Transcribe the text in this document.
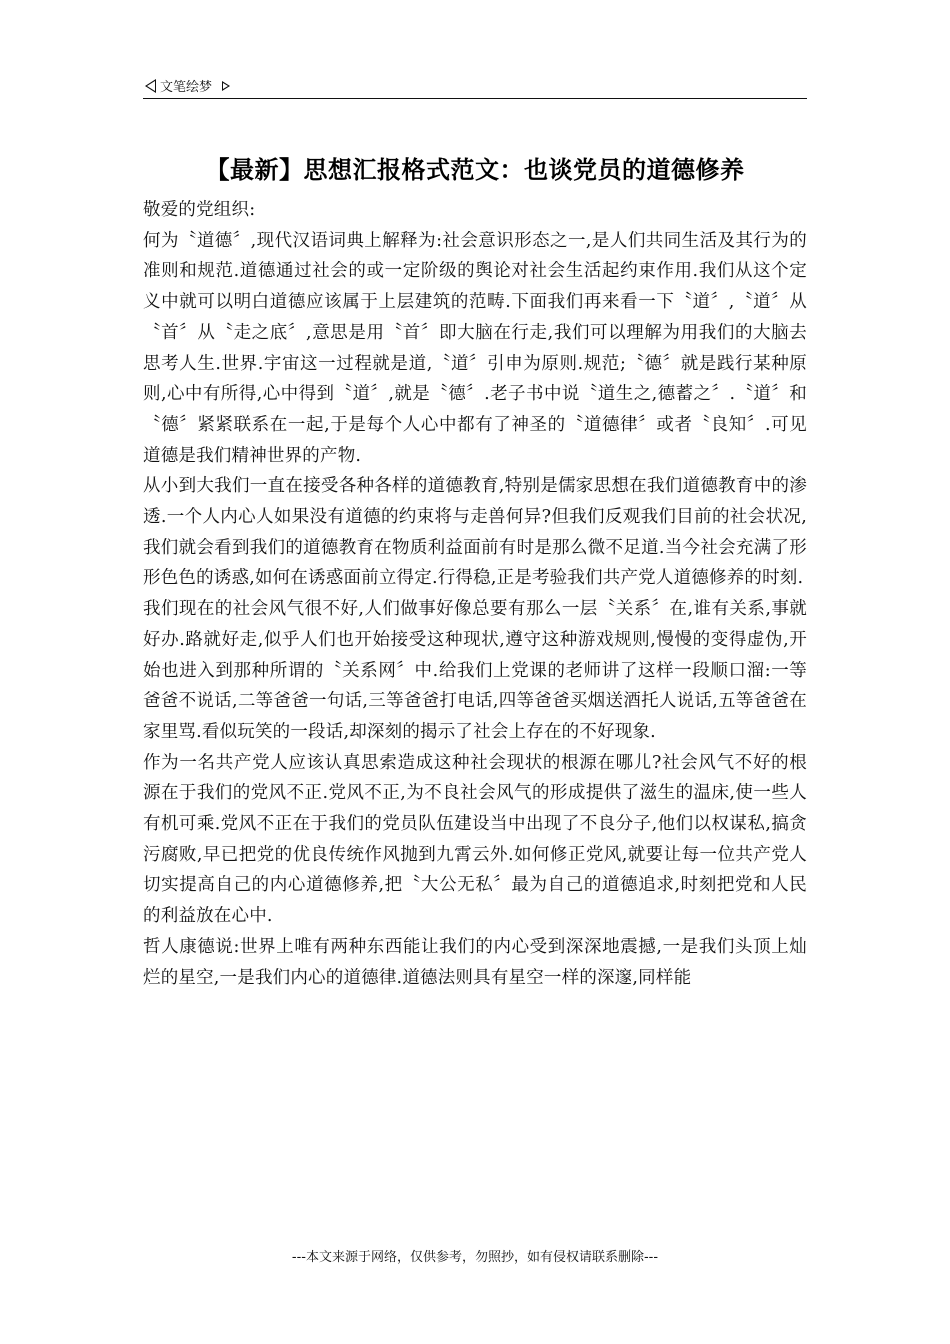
文笔绘梦
【最新】思想汇报格式范文：也谈党员的道德修养

敬爱的党组织:

何为〝道德〞,现代汉语词典上解释为:社会意识形态之一,是人们共同生活及其行为的准则和规范.道德通过社会的或一定阶级的舆论对社会生活起约束作用.我们从这个定义中就可以明白道德应该属于上层建筑的范畴.下面我们再来看一下〝道〞,〝道〞从〝首〞从〝走之底〞,意思是用〝首〞即大脑在行走,我们可以理解为用我们的大脑去思考人生.世界.宇宙这一过程就是道,〝道〞引申为原则.规范;〝德〞就是践行某种原则,心中有所得,心中得到〝道〞,就是〝德〞.老子书中说〝道生之,德蓄之〞.〝道〞和〝德〞紧紧联系在一起,于是每个人心中都有了神圣的〝道德律〞或者〝良知〞.可见道德是我们精神世界的产物.

从小到大我们一直在接受各种各样的道德教育,特别是儒家思想在我们道德教育中的渗透.一个人内心人如果没有道德的约束将与走兽何异?但我们反观我们目前的社会状况,我们就会看到我们的道德教育在物质利益面前有时是那么微不足道.当今社会充满了形形色色的诱惑,如何在诱惑面前立得定.行得稳,正是考验我们共产党人道德修养的时刻.

我们现在的社会风气很不好,人们做事好像总要有那么一层〝关系〞在,谁有关系,事就好办.路就好走,似乎人们也开始接受这种现状,遵守这种游戏规则,慢慢的变得虚伪,开始也进入到那种所谓的〝关系网〞中.给我们上党课的老师讲了这样一段顺口溜:一等爸爸不说话,二等爸爸一句话,三等爸爸打电话,四等爸爸买烟送酒托人说话,五等爸爸在家里骂.看似玩笑的一段话,却深刻的揭示了社会上存在的不好现象.

作为一名共产党人应该认真思索造成这种社会现状的根源在哪儿?社会风气不好的根源在于我们的党风不正.党风不正,为不良社会风气的形成提供了滋生的温床,使一些人有机可乘.党风不正在于我们的党员队伍建设当中出现了不良分子,他们以权谋私,搞贪污腐败,早已把党的优良传统作风抛到九霄云外.如何修正党风,就要让每一位共产党人切实提高自己的内心道德修养,把〝大公无私〞最为自己的道德追求,时刻把党和人民的利益放在心中.

哲人康德说:世界上唯有两种东西能让我们的内心受到深深地震撼,一是我们头顶上灿烂的星空,一是我们内心的道德律.道德法则具有星空一样的深邃,同样能

---本文来源于网络，仅供参考，勿照抄，如有侵权请联系删除---
